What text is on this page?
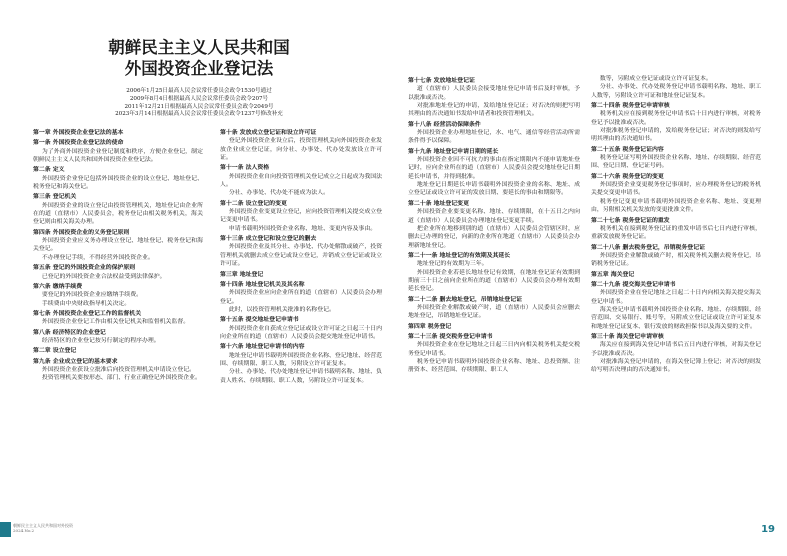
朝鲜民主主义人民共和国
外国投资企业登记法
2006年1月25日最高人民会议常任委员会政令1530号通过
2009年8月4日根据最高人民会议常任委员会政令207号
2011年12月21日根据最高人民会议常任委员会政令2049号
2023年3月14日根据最高人民会议常任委员会政令1237号修改补充
第一章 外国投资企业登记法的基本
第一条 外国投资企业登记法的使命
为了外商外国投资企业登记制度和秩序，方便企业登记，制定朝鲜民主主义人民共和国外国投资企业登记法。
第二条 定义
外国投资企业登记包括外国投资企业的设立登记、地址登记、税务登记和海关登记。
第三条 登记机关
外国投资企业的设立登记由投资管理机关，地址登记由企业所在的道（直辖市）人民委员会，税务登记由相关税务机关，海关登记则由相关海关办理。
第四条 外国投资企业的义务登记原则
外国投资企业应义务办理设立登记、地址登记、税务登记和海关登记。
不办理登记手续，不得经营外国投资企业。
第五条 登记的外国投资企业的保护原则
已登记的外国投资企业合法权益受到法律保护。
第六条 缴纳手续费
要登记的外国投资企业应缴纳手续费。
手续费由中央财政指导机关决定。
第七条 外国投资企业登记工作的监督机关
外国投资企业登记工作由相关登记机关和监督机关监督。
第八条 经济特区的企业登记
经济特区的企业登记按另行制定的程序办理。
第二章 设立登记
第九条 企业成立登记的基本要求
外国投资企业获设立批准后向投资管理机关申请设立登记。
投资管理机关要按形态、部门、行业正确登记外国投资企业。
第十条 发放成立登记证和设立许可证
登记外国投资企业设立后，投资管理机关向外国投资企业发放企业成立登记证，向分社、办事处、代办处发放设立许可证。
第十一条 法人资格
外国投资企业自向投资管理机关登记成立之日起成为我国法人。
分社、办事处、代办处不能成为法人。
第十二条 设立登记的变更
外国投资企业变更设立登记，应向投资管理机关提交成立登记变更申请书。
申请书载明外国投资企业名称、地址、变更内容及事由。
第十三条 成立登记和设立登记的删去
外国投资企业及其分社、办事处、代办处解散或破产，投资管理机关就删去成立登记或设立登记，并销成立登记证或设立许可证。
第三章 地址登记
第十四条 地址登记机关及其名称
外国投资企业应向企业所在的道（直辖市）人民委员会办理登记。
此时，以投资管理机关批准的名称登记。
第十五条 提交地址登记申请书
外国投资企业自获成立登记证或设立许可证之日起三十日内向企业所在的道（直辖市）人民委员会提交地址登记申请书。
第十六条 地址登记申请书的内容
地址登记申请书载明外国投资企业名称、登记地址、经营范围、存续期限、职工人数，另附设立许可证复本。
分社、办事处、代办处地址登记申请书载明名称、地址、负责人姓名、存续期限、职工人数，另附设立许可证复本。
第十七条 发放地址登记证
道（直辖市）人民委员会接受地址登记申请书后及时审核，予以批准或否决。
对批准地址登记的申请，发给地址登记证；对否决的则把写明其理由的否决通知书发给申请者和投资管理机关。
第十八条 经营活动保障条件
外国投资企业办理地址登记，水、电气、通信等经营活动所需条件得予以保障。
第十九条 地址登记申请日期的延长
外国投资企业因不可抗力的事由在指定期限内不能申请地址登记时，应向企业所在的道（直辖市）人民委员会提交地址登记日期延长申请书，并得到批准。
地址登记日期延长申请书载明外国投资企业的名称、地址、成立登记证或设立许可证的发放日期、要延长的事由和期限等。
第二十条 地址登记变更
外国投资企业要变更名称、地址、存续期限，在十五日之内向道（直辖市）人民委员会办理地址登记变更手续。
把企业所在地移到别的道（直辖市）人民委员会管辖区时，应删去已办理的登记，向新的企业所在地道（直辖市）人民委员会办理新地址登记。
第二十一条 地址登记的有效期及其延长
地址登记的有效期为三年。
外国投资企业若延长地址登记有效期，在地址登记证有效期到期前三十日之前向企业所在的道（直辖市）人民委员会办理有效期延长登记。
第二十二条 删去地址登记，吊销地址登记证
外国投资企业解散或破产时，道（直辖市）人民委员会应删去地址登记，吊销地址登记证。
第四章 税务登记
第二十三条 提交税务登记申请书
外国投资企业在登记地址之日起三日内向相关税务机关提交税务登记申请书。
税务登记申请书载明外国投资企业名称、地址、总投资额、注册资本、经营范围、存续期限、职工人
数等，另附成立登记证或设立许可证复本。
分社、办事处、代办处税务登记申请书载明名称、地址、职工人数等，另附设立许可证和地址登记证复本。
第二十四条 税务登记申请审核
税务机关应在接到税务登记申请书后十日内进行审核，对税务登记予以批准或否决。
对批准税务登记申请的，发给税务登记证；对否决的则发给写明其理由的否决通知书。
第二十五条 税务登记证内容
税务登记证写明外国投资企业名称、地址、存续期限、经营范围、登记日期、登记证号码。
第二十六条 税务登记的变更
外国投资企业变更税务登记事项时，应办理税务登记的税务机关提交变更申请书。
税务登记变更申请书载明外国投资企业名称、地址、变更理由，另附相关机关发放的变更批准文件。
第二十七条 税务登记证的重发
税务机关在接到税务登记证的重发申请书后七日内进行审核，重新发放税务登记证。
第二十八条 删去税务登记，吊销税务登记证
外国投资企业解散或破产时，相关税务机关删去税务登记，吊销税务登记证。
第五章 海关登记
第二十九条 提交海关登记申请书
外国投资企业在登记地址之日起二十日内向相关海关提交海关登记申请书。
海关登记申请书载明外国投资企业名称、地址、存续期限、经营范围、交易银行、账号等，另附成立登记证或设立许可证复本和地址登记证复本、银行发放的财政担保书以及海关要的文件。
第三十条 海关登记申请审核
海关应在接到海关登记申请书后五日内进行审核，对海关登记予以批准或否决。
对批准海关登记申请的，在海关登记簿上登记；对否决的则发给写明否决理由的否决通知书。
朝鲜民主主义人民共和国对外投资
2024.No.2	19
